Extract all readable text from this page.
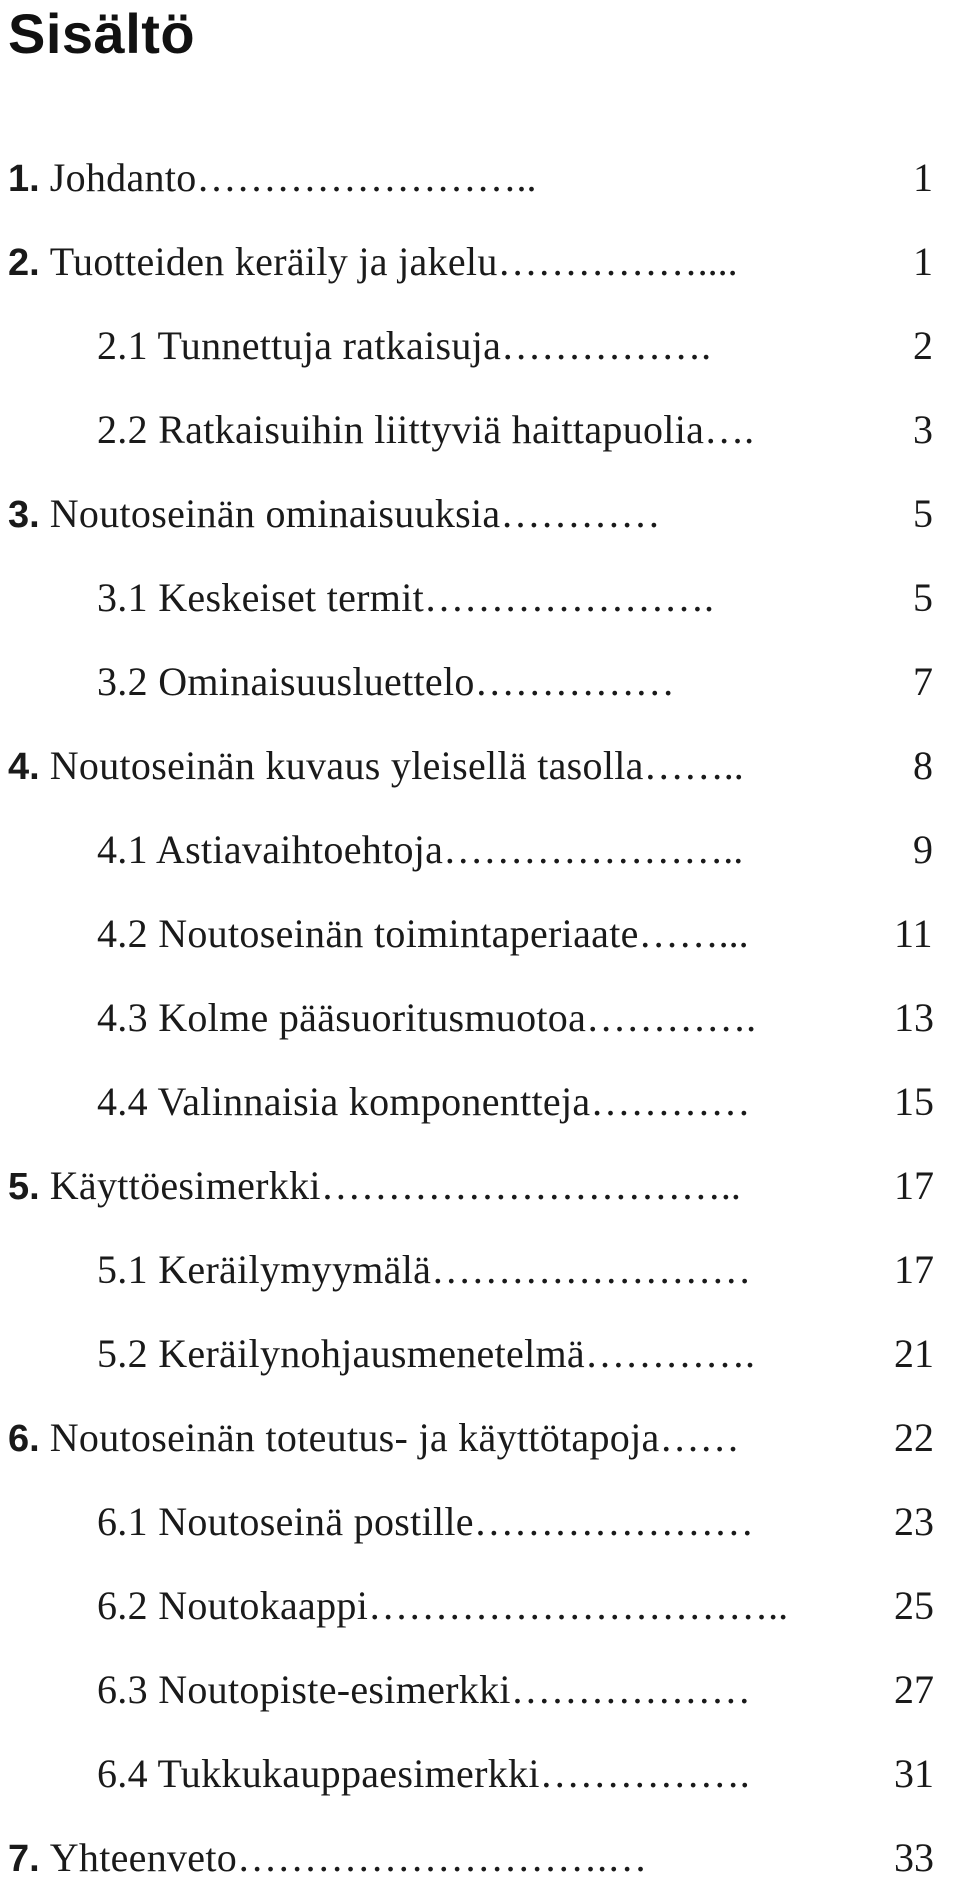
Sisältö
1. Johdanto……………………..	1
2. Tuotteiden keräily ja jakelu……………....	1
2.1 Tunnettuja ratkaisuja…………….	2
2.2 Ratkaisuihin liittyviä haittapuolia….	3
3. Noutoseinän ominaisuuksia…………	5
3.1 Keskeiset termit………………….	5
3.2 Ominaisuusluettelo……………	7
4. Noutoseinän kuvaus yleisellä tasolla……..	8
4.1 Astiavaihtoehtoja…………………..	9
4.2 Noutoseinän toimintaperiaate……...	11
4.3 Kolme pääsuoritusmuotoa………….	13
4.4 Valinnaisia komponentteja…………	15
5. Käyttöesimerkki…………………………..	17
5.1 Keräilymyymälä……………………	17
5.2 Keräilynohjausmenetelmä………….	21
6. Noutoseinän toteutus- ja käyttötapoja……	22
6.1 Noutoseinä postille…………………	23
6.2 Noutokaappi…………………………..	25
6.3 Noutopiste-esimerkki………………	27
6.4 Tukkukauppaesimerkki…………….	31
7. Yhteenveto……………………….…	33
